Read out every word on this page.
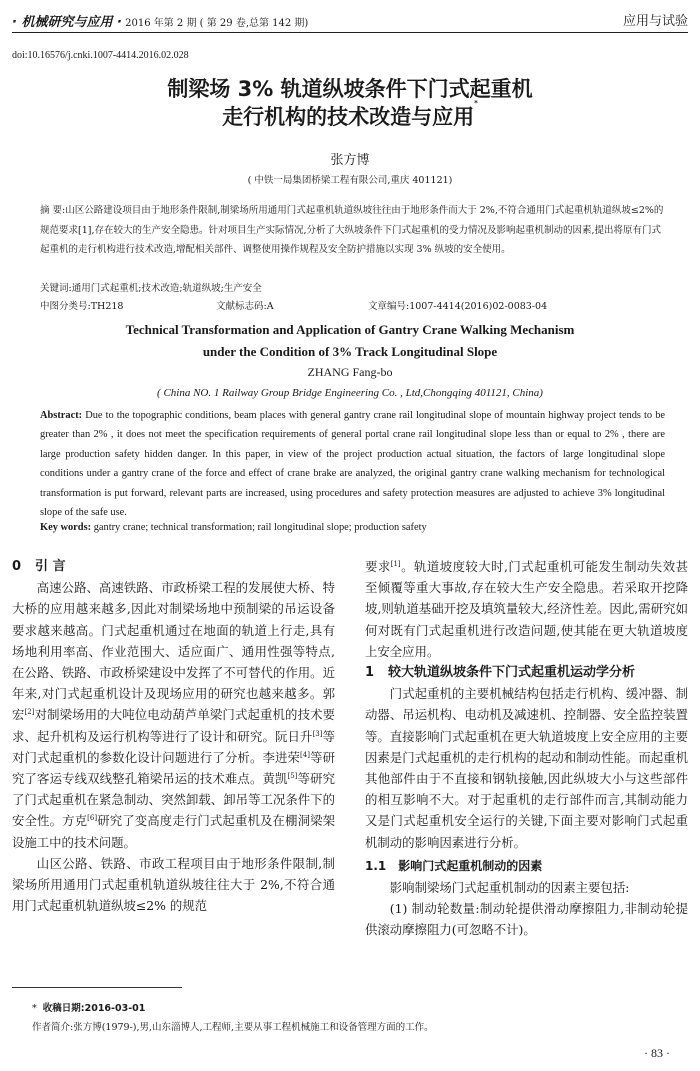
· 机械研究与应用 · 2016 年第 2 期 ( 第 29 卷,总第 142 期)	应用与试验
doi:10.16576/j.cnki.1007-4414.2016.02.028
制梁场 3% 轨道纵坡条件下门式起重机
走行机构的技术改造与应用*
张方博
( 中铁一局集团桥梁工程有限公司,重庆 401121)
摘 要:山区公路建设项目由于地形条件限制,制梁场所用通用门式起重机轨道纵坡往往由于地形条件而大于 2%,不符合通用门式起重机轨道纵坡≤2%的规范要求[1],存在较大的生产安全隐患。针对项目生产实际情况,分析了大纵坡条件下门式起重机的受力情况及影响起重机制动的因素,提出将原有门式起重机的走行机构进行技术改造,增配相关部件、调整使用操作规程及安全防护措施以实现 3% 纵坡的安全使用。
关键词:通用门式起重机;技术改造;轨道纵坡;生产安全
中图分类号:TH218	文献标志码:A	文章编号:1007-4414(2016)02-0083-04
Technical Transformation and Application of Gantry Crane Walking Mechanism
under the Condition of 3% Track Longitudinal Slope
ZHANG Fang-bo
( China NO. 1 Railway Group Bridge Engineering Co. , Ltd,Chongqing 401121, China)
Abstract: Due to the topographic conditions, beam places with general gantry crane rail longitudinal slope of mountain highway project tends to be greater than 2% , it does not meet the specification requirements of general portal crane rail longitudinal slope less than or equal to 2% , there are large production safety hidden danger. In this paper, in view of the project production actual situation, the factors of large longitudinal slope conditions under a gantry crane of the force and effect of crane brake are analyzed, the original gantry crane walking mechanism for technological transformation is put forward, relevant parts are increased, using procedures and safety protection measures are adjusted to achieve 3% longitudinal slope of the safe use.
Key words: gantry crane; technical transformation; rail longitudinal slope; production safety
0 引 言

高速公路、高速铁路、市政桥梁工程的发展使大桥、特大桥的应用越来越多,因此对制梁场地中预制梁的吊运设备要求越来越高。门式起重机通过在地面的轨道上行走,具有场地利用率高、作业范围大、适应面广、通用性强等特点,在公路、铁路、市政桥梁建设中发挥了不可替代的作用。近年来,对门式起重机设计及现场应用的研究也越来越多。郭宏[2]对制梁场用的大吨位电动葫芦单梁门式起重机的技术要求、起升机构及运行机构等进行了设计和研究。阮日升[3]等对门式起重机的参数化设计问题进行了分析。李进荣[4]等研究了客运专线双线整孔箱梁吊运的技术难点。黄凯[5]等研究了门式起重机在紧急制动、突然卸载、卸吊等工况条件下的安全性。方克[6]研究了变高度走行门式起重机及在棚洞梁架设施工中的技术问题。

山区公路、铁路、市政工程项目由于地形条件限制,制梁场所用通用门式起重机轨道纵坡往往大于 2%,不符合通用门式起重机轨道纵坡≤2% 的规范

要求[1]。轨道坡度较大时,门式起重机可能发生制动失效甚至倾覆等重大事故,存在较大生产安全隐患。若采取开挖降坡,则轨道基础开挖及填筑量较大,经济性差。因此,需研究如何对既有门式起重机进行改造问题,使其能在更大轨道坡度上安全应用。

1 较大轨道纵坡条件下门式起重机运动学分析

门式起重机的主要机械结构包括走行机构、缓冲器、制动器、吊运机构、电动机及减速机、控制器、安全监控装置等。直接影响门式起重机在更大轨道坡度上安全应用的主要因素是门式起重机的走行机构的起动和制动性能。而起重机其他部件由于不直接和钢轨接触,因此纵坡大小与这些部件的相互影响不大。对于起重机的走行部件而言,其制动能力又是门式起重机安全运行的关键,下面主要对影响门式起重机制动的影响因素进行分析。

1.1 影响门式起重机制动的因素

影响制梁场门式起重机制动的因素主要包括:

(1) 制动轮数量:制动轮提供滑动摩擦阻力,非制动轮提供滚动摩擦阻力(可忽略不计)。

* 收稿日期:2016-03-01
作者简介:张方博(1979-),男,山东淄博人,工程师,主要从事工程机械施工和设备管理方面的工作。
· 83 ·
